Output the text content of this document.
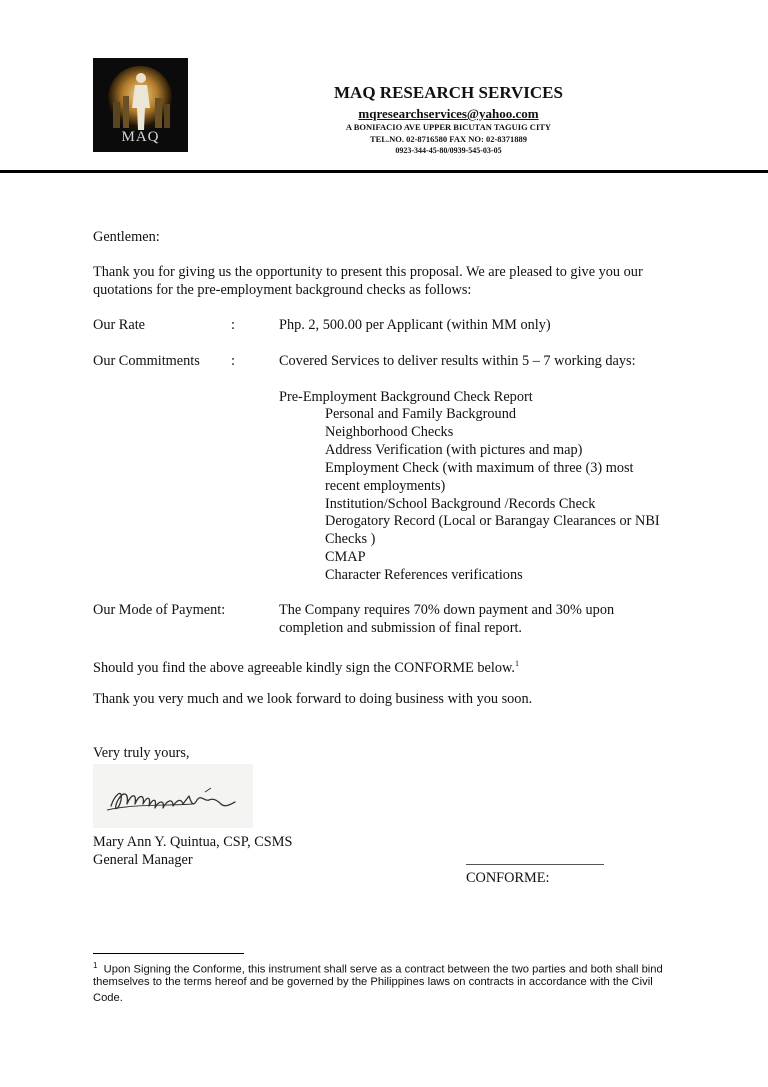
MAQ
MAQ RESEARCH SERVICES
mqresearchservices@yahoo.com
A BONIFACIO AVE UPPER BICUTAN TAGUIG CITY
TEL.NO. 02-8716580 FAX NO: 02-8371889
0923-344-45-80/0939-545-03-05
Gentlemen:
Thank you for giving us the opportunity to present this proposal. We are pleased to give you our
quotations for the pre-employment background checks as follows:
Our Rate	:	Php. 2, 500.00 per Applicant (within MM only)
Our Commitments :	Covered Services to deliver results within 5 – 7 working days:
Pre-Employment Background Check Report
Personal and Family Background
Neighborhood Checks
Address Verification (with pictures and map)
Employment Check (with maximum of three (3) most
recent employments)
Institution/School Background /Records Check
Derogatory Record (Local or Barangay Clearances or NBI
Checks )
CMAP
Character References verifications
Our Mode of Payment:	The Company requires 70% down payment and 30% upon
completion and submission of final report.
Should you find the above agreeable kindly sign the CONFORME below.$^1$
Thank you very much and we look forward to doing business with you soon.
Very truly yours,
Mary Ann Y. Quintua, CSP, CSMS
General Manager
CONFORME:
$^1$ Upon Signing the Conforme, this instrument shall serve as a contract between the two parties and both shall bind
themselves to the terms hereof and be governed by the Philippines laws on contracts in accordance with the Civil
Code.
